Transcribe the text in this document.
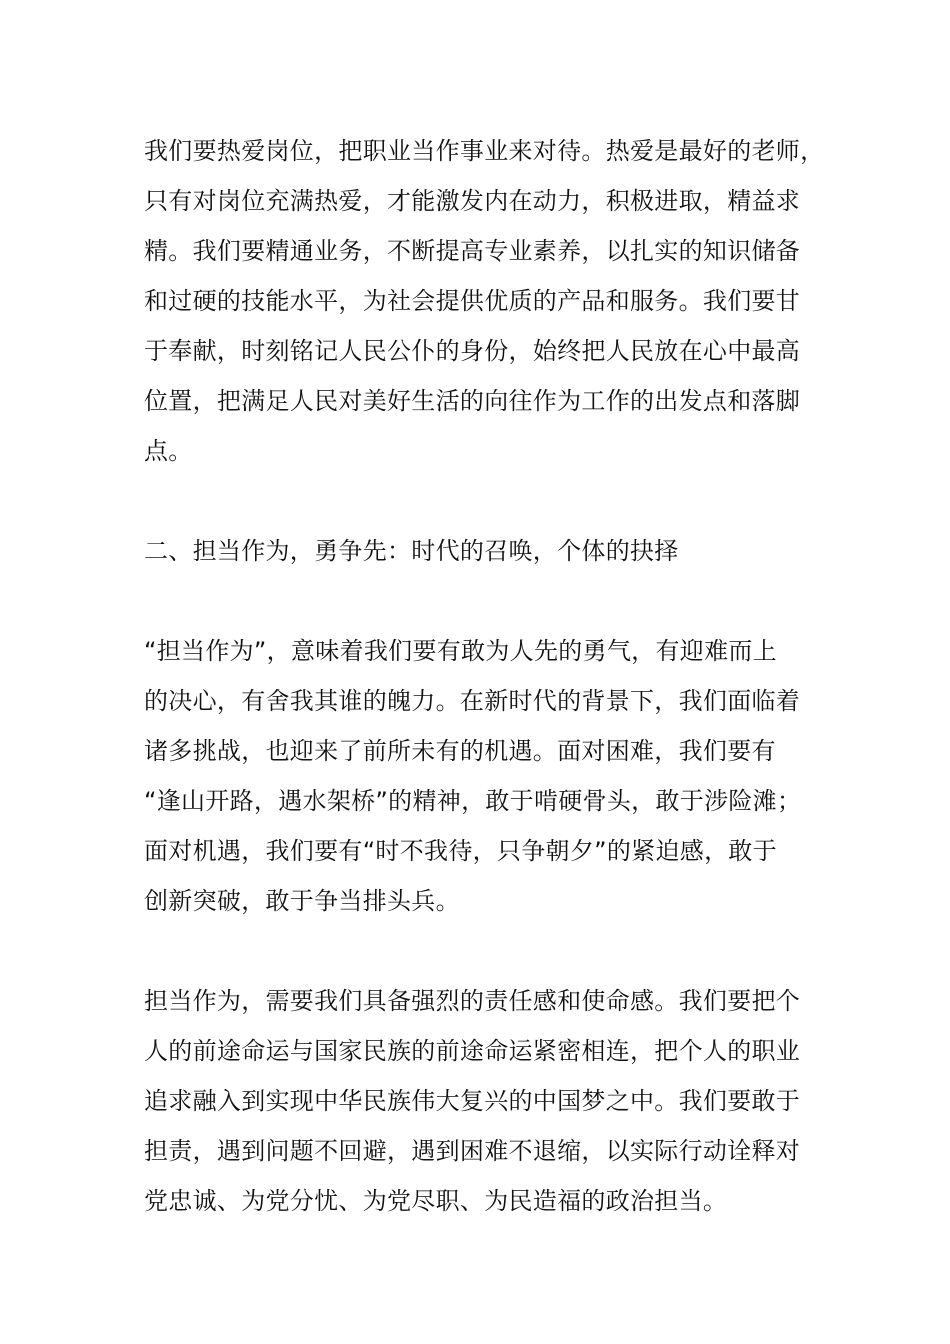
我们要热爱岗位，把职业当作事业来对待。热爱是最好的老师，
只有对岗位充满热爱，才能激发内在动力，积极进取，精益求
精。我们要精通业务，不断提高专业素养，以扎实的知识储备
和过硬的技能水平，为社会提供优质的产品和服务。我们要甘
于奉献，时刻铭记人民公仆的身份，始终把人民放在心中最高
位置，把满足人民对美好生活的向往作为工作的出发点和落脚
点。
二、担当作为，勇争先：时代的召唤，个体的抉择
“担当作为”，意味着我们要有敢为人先的勇气，有迎难而上
的决心，有舍我其谁的魄力。在新时代的背景下，我们面临着
诸多挑战，也迎来了前所未有的机遇。面对困难，我们要有
“逢山开路，遇水架桥”的精神，敢于啃硬骨头，敢于涉险滩；
面对机遇，我们要有“时不我待，只争朝夕”的紧迫感，敢于
创新突破，敢于争当排头兵。
担当作为，需要我们具备强烈的责任感和使命感。我们要把个
人的前途命运与国家民族的前途命运紧密相连，把个人的职业
追求融入到实现中华民族伟大复兴的中国梦之中。我们要敢于
担责，遇到问题不回避，遇到困难不退缩，以实际行动诠释对
党忠诚、为党分忧、为党尽职、为民造福的政治担当。
